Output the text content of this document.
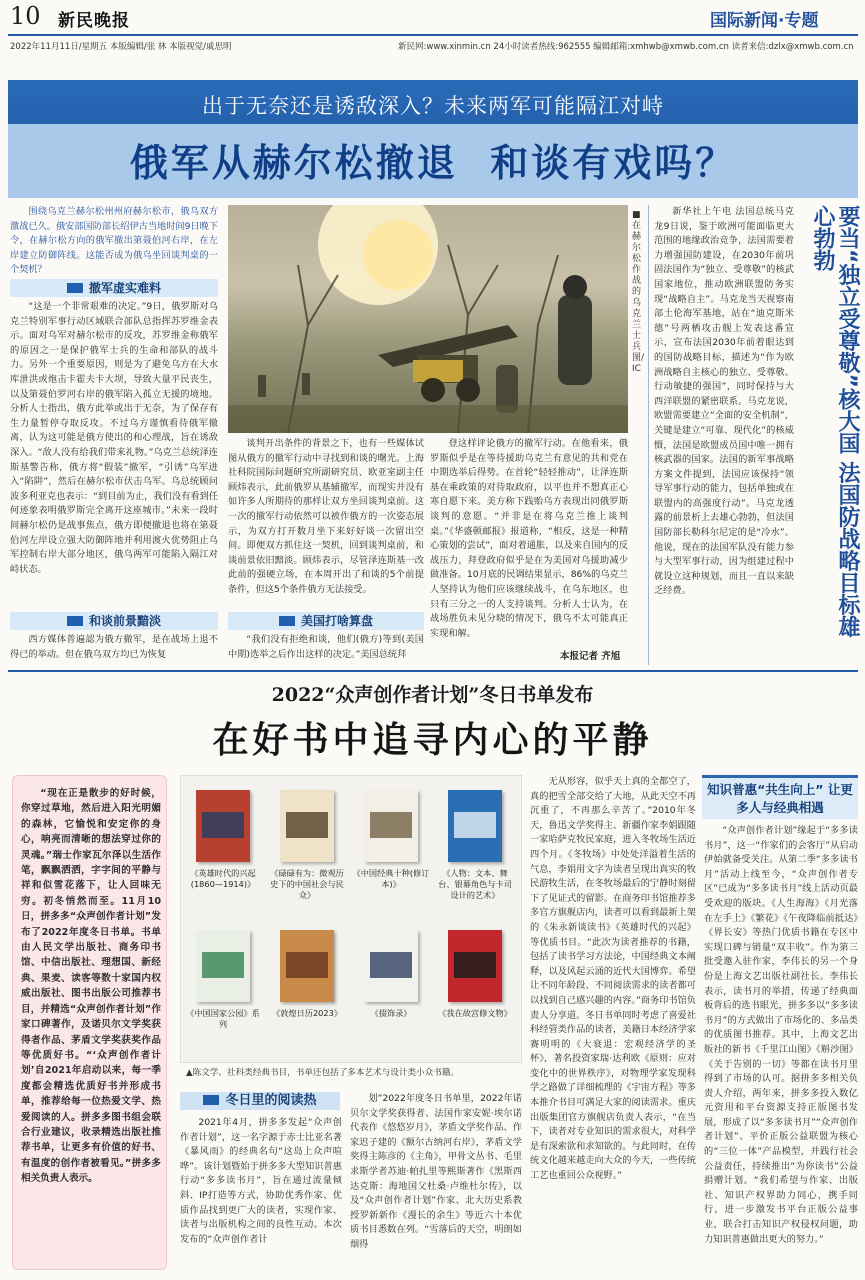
10 新民晚报	国际新闻·专题
2022年11月11日/星期五 本版编辑/张 林 本版视觉/戚思明	新民网:www.xinmin.cn 24小时读者热线:962555 编辑邮箱:xmhwb@xmwb.com.cn 读者来信:dzlx@xmwb.com.cn
出于无奈还是诱敌深入？未来两军可能隔江对峙
俄军从赫尔松撤退  和谈有戏吗？

围绕乌克兰赫尔松州州府赫尔松市，俄乌双方激战已久。俄安部国防部长绍伊古当地时间9日晚下令，在赫尔松方向的俄军撤出第聂伯河右岸，在左岸建立防御阵线。这能否成为俄乌坐回谈判桌的一个契机？

撤军虚实难料

“这是一个非常艰难的决定。”9日，俄罗斯对乌克兰特别军事行动区域联合部队总指挥苏罗维金表示。面对乌军对赫尔松市的反攻，苏罗维金称俄军的原因之一是保护俄军士兵的生命和部队的战斗力。另外一个重要原因，则是为了避免乌方在大水库泄洪或炮击卡霍夫卡大坝，导致大量平民丧生，以及第聂伯罗河右岸的俄军陷入孤立无援的境地。分析人士指出，俄方此举或出于无奈，为了保存有生力量暂停夺取反攻。不过乌方谨慎看待俄军撤离，认为这可能是俄方使出的和心理战，旨在诱敌深入。“敌人没有给我们带来礼物。”乌克兰总统泽连斯基警告称，俄方将“假装”撤军，“引诱”乌军进入“陷阱”，然后在赫尔松市伏击乌军。乌总统顾问波多利亚克也表示：“到目前为止，我们没有看到任何迹象表明俄罗斯完全离开这座城市。”未来一段时间赫尔松仍是战事焦点，俄方即便撤退也将在第聂伯河左岸设立强大防御阵地并利用渡火优势阻止乌军控制右岸大部分地区，俄乌两军可能陷入隔江对峙状态。

和谈前景黯淡

西方媒体普遍認为俄方撤军，是在战场上退不得已的举动。但在俄乌双方均已为恢复

■在赫尔松作战的乌克兰士兵 图/IC

谈判开出条件的背景之下，也有一些媒体试图从俄方的撤军行动中寻找到和谈的曙光。上海社科院国际问题研究所副研究员、欧亚室副主任顾炜表示，此前俄罗从基辅撤军，而现实并没有如许多人所期待的那样让双方坐回谈判桌前。这一次的撤军行动依然可以被作俄方的一次姿态展示，为双方打开数月坐下来好好谈一次留出空间。即便双方抓住这一契机，回到谈判桌前，和谈前景依旧黯淡。顾炜表示，尽管泽连斯基一改此前的强硬立场，在本周开出了和谈的5个前提条件，但这5个条件俄方无法接受。

美国打啥算盘

“我们没有拒绝和谈，他们(俄方)等到(美国中期)选举之后作出这样的决定。”美国总统拜

登这样评论俄方的撤军行动。在他看来，俄罗斯似乎是在等待援助乌克兰有意见的共和党在中期选举后得势。在首轮“轻轻推动”，让泽连斯基在乘政策的对待取政府，以平也并不想真正心寒自愿下来。美方称下践贻乌方表现出同俄罗斯谈判的意愿。“并非是在将乌克兰推上谈判桌。”《华盛顿邮报》报道称，“相反，这是一种精心策划的尝试”，面对着通胀，以及来自国内的反战压力，拜登政府似乎是在为美国对乌援助减少做准备。10月底的民调结果显示，86%的乌克兰人坚持认为他们应该继续战斗，在乌东地区，也只有三分之一的人支持谈判。分析人士认为，在战场胜负未见分晓的情况下，俄乌不太可能真正实现和解。

本报记者 齐旭

新华社上午电 法国总统马克龙9日说，鉴于欧洲可能面临更大范围的地缘政治竞争，法国需要着力增强国防建设，在2030年前巩固法国作为“独立、受尊敬”的核武国家地位，推动欧洲联盟防务实现“战略自主”。马克龙当天视察南部土伦海军基地，站在“迪克斯米德”号两栖攻击舰上发表这番宣示，宣布法国2030年前着眼达到的国防战略目标，描述为“作为欧洲战略自主核心的独立、受尊敬、行动敏捷的强国”，同时保持与大西洋联盟的紧密联系。马克龙说，欧盟需要建立“全面的安全机制”，关键是建立“可靠、现代化”的核威慑，法国是欧盟成员国中唯一拥有核武器的国家。法国的新军事战略方案文件提到，法国应该保持“领导军事行动的能力，包括单独或在联盟内的高强度行动”。马克龙透露的前景析上去雄心勃勃，但法国国防部长勒科尔尼定的是“冷水”。他说，现在的法国军队没有能力参与大型军事行动，因为组建过程中就设立这种规划，而且一直以来缺乏经费。	要当“独立受尊敬”核大国 法国防战略目标雄心勃勃
2022“众声创作者计划”冬日书单发布
在好书中追寻内心的平静

“现在正是散步的好时候，你穿过草地，然后进入阳光明媚的森林，它愉悦和安定你的身心，响亮而清晰的想法穿过你的灵魂。”瑞士作家瓦尔泽以生活作笔，飘飘洒洒，字字间的平静与祥和似雪花落下，让人回味无穷。初冬悄然而至。11月10日，拼多多“众声创作者计划”发布了2022年度冬日书单。书单由人民文学出版社、商务印书馆、中信出版社、理想国、新经典、果麦、读客等数十家国内权威出版社、图书出版公司推荐书目，并精选“众声创作者计划”作家口碑著作，及诺贝尔文学奖获得者作品、茅盾文学奖获奖作品等优质好书。“‘众声创作者计划’自2021年启动以来，每一季度都会精选优质好书并形成书单，推荐给每一位热爱文学、热爱阅读的人。拼多多图书组会联合行业建议，收录精选出版社推荐书单，让更多有价值的好书、有温度的创作者被看见。”拼多多相关负责人表示。

《英雄时代的兴起(1860—1914)》
《碌碌有为：微观历史下的中国社会与民众》
《中国经典十种(修订本)》
《人物：文本、舞台、银幕角色与卡司设计的艺术》
《中国国家公园》系列
《敦煌日历2023》	《掇饰录》	《我在故宫修文物》
▲陈文学、社科类经典书目，书单还包括了多本艺术与设计类小众书籍。
冬日里的阅读热

2021年4月，拼多多发起“众声创作者计划”，这一名字源于赤士比亚名著《暴风雨》的经典名句“这岛上众声喧哗”。该计划暨始于拼多多大型知识普惠行动“多多读书月”，旨在通过流量倾斜、IP打造等方式，协助优秀作家、优质作品找到更广大的读者，实现作家、读者与出版机构之间的良性互动。本次发布的“众声创作者计

划”2022年度冬日书单里，2022年诺贝尔文学奖获得者、法国作家安妮·埃尔诺代表作《悠悠岁月》，茅盾文学奖作品、作家迟子建的《额尔古纳河右岸》，茅盾文学奖得主陈彦的《主角》，甲骨文丛书、毛里求斯学者苏迪·帕扎里等熙斯著作《黑斯西达克斯：海地国父杜桑·卢维杜尔传》，以及“众声创作者计划”作家、北大历史系教授罗新新作《漫长的余生》等近六十本优质书目悉数在列。“雪落后的天空，明朗如烟得

无从形容，似乎天上真的全都空了，真的把雪全部交给了大地，从此天空不再沉重了，不再那么辛苦了。”2010年冬天，鲁迅文学奖得主、新疆作家李娟跟随一家哈萨克牧民家庭，进入冬牧场生活近四个月。《冬牧场》中处处洋溢着生活的气息，李娟用文字为读者呈现出真实的牧民游牧生活，在冬牧场最后的宁静时刻留下了见证式的留影。在商务印书馆推荐多多官方旗舰店内，读者可以看到最新上架的《朱永新谈读书》《英雄时代的兴起》等优质书目。“此次为读者推荐的书籍，包括了读书学习方法论，中国经典文本阐释，以及风起云涌的近代大国博弈。希望让不同年龄段、不同阅读需求的读者都可以找到自己感兴趣的内容。”商务印书馆负责人分享道。冬日书单同时考虑了喜爱社科经管类作品的读者，美籍日本经济学家赛明明的《大衰退：宏观经济学的圣杯》，著名投资家瑞·达利欧《原则：应对变化中的世界秩序》，对物理学家发现科学之路做了详细梳理的《宇宙方程》等多本推介书目可满足大家的阅读需求。重庆出版集团官方旗舰店负责人表示，“在当下，读者对专业知识的需求很大，对科学是有深索欲和求知欲的。与此同时，在传统文化越来越走向大众的今天，一些传统工艺也重回公众视野。”

知识普惠“共生向上” 让更多人与经典相遇

“众声创作者计划”缘起于“多多读书月”，这一“作家们的会客厅”从启动伊始就备受关注。从第二季“多多读书月”活动上线至今，“众声创作者专区”已成为“多多读书月”线上活动页最受欢迎的版块。《人生海海》《月光落在左手上》《繁花》《午夜降临前抵达》《界长安》等热门优质书籍在专区中实现口碑与销量“双丰收”。作为第三批受邀入驻作家，李伟长的另一个身份是上海文艺出版社副社长。李伟长表示，读书月的举措，传递了经典面板背后的选书眼光，拼多多以“多多读书月”的方式做出了市场化的、多品类的优质图书推荐。其中，上海文艺出版社的新书《千里江山图》《斛沙图》《关于告别的一切》等都在读书月里得到了市场的认可。据拼多多相关负责人介绍，两年来，拼多多投入数亿元资用和平台资源支持正版图书发展，形成了以“多多读书月”“众声创作者计划”、平价正版公益联盟为核心的“三位一体”产品模型，并践行社会公益责任，持续推出“为你读书”公益捐赠计划。“我们希望与作家、出版社、知识产权界助力同心，携手同行，进一步激发书平台正版公益事业，联合打击知识产权侵权问题，助力知识普惠做出更大的努力。”
